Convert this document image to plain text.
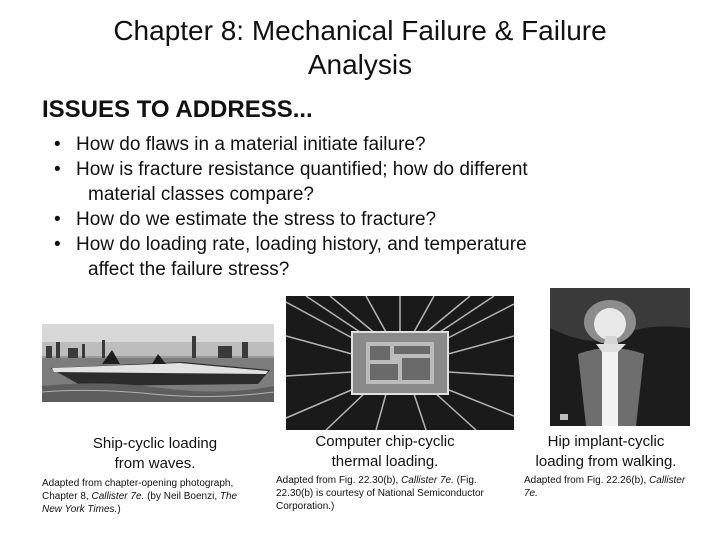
Chapter 8: Mechanical Failure & Failure
Analysis
ISSUES TO ADDRESS...
• How do flaws in a material initiate failure?
• How is fracture resistance quantified; how do different
material classes compare?
• How do we estimate the stress to fracture?
• How do loading rate, loading history, and temperature
affect the failure stress?
Ship-cyclic loading
from waves.
Computer chip-cyclic
thermal loading.
Hip implant-cyclic
loading from walking.
Adapted from chapter-opening photograph, Chapter 8, Callister 7e. (by Neil Boenzi, The New York Times.)
Adapted from Fig. 22.30(b), Callister 7e. (Fig. 22.30(b) is courtesy of National Semiconductor Corporation.)
Adapted from Fig. 22.26(b), Callister 7e.
